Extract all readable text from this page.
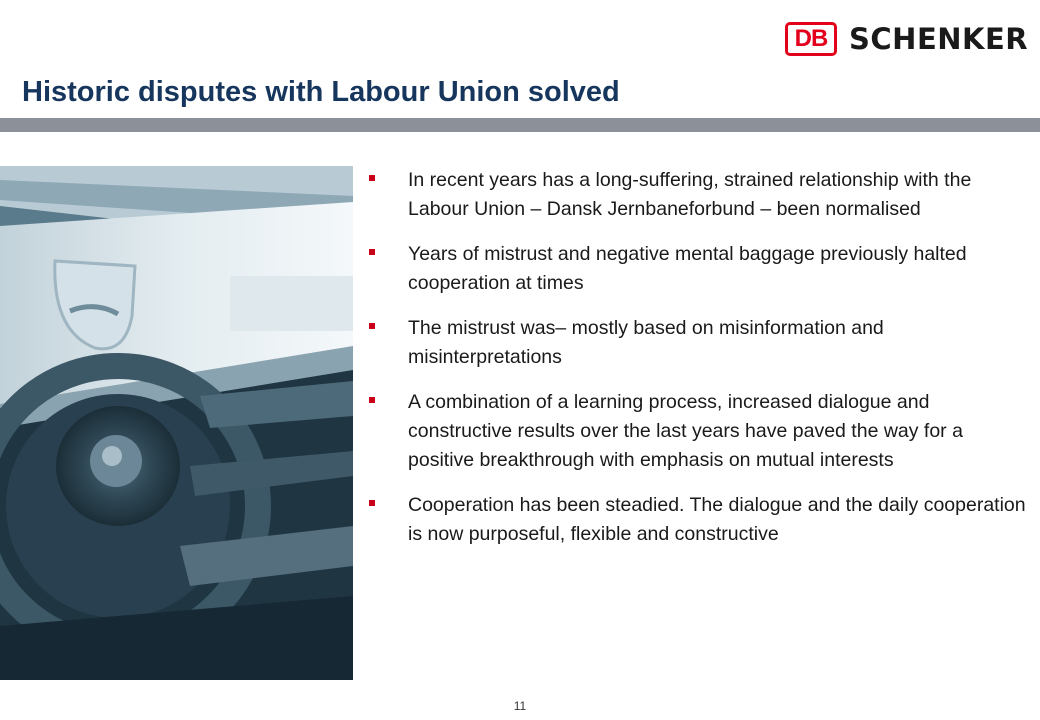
DB SCHENKER
Historic disputes with Labour Union solved
In recent years has a long-suffering, strained relationship with the Labour Union – Dansk Jernbaneforbund – been normalised
Years of mistrust and negative mental baggage previously halted cooperation at times
The mistrust was– mostly based on misinformation and misinterpretations
A combination of a learning process, increased dialogue and constructive results over the last years have paved the way for a positive breakthrough with emphasis on mutual interests
Cooperation has been steadied. The dialogue and the daily cooperation is now purposeful, flexible and constructive
11
